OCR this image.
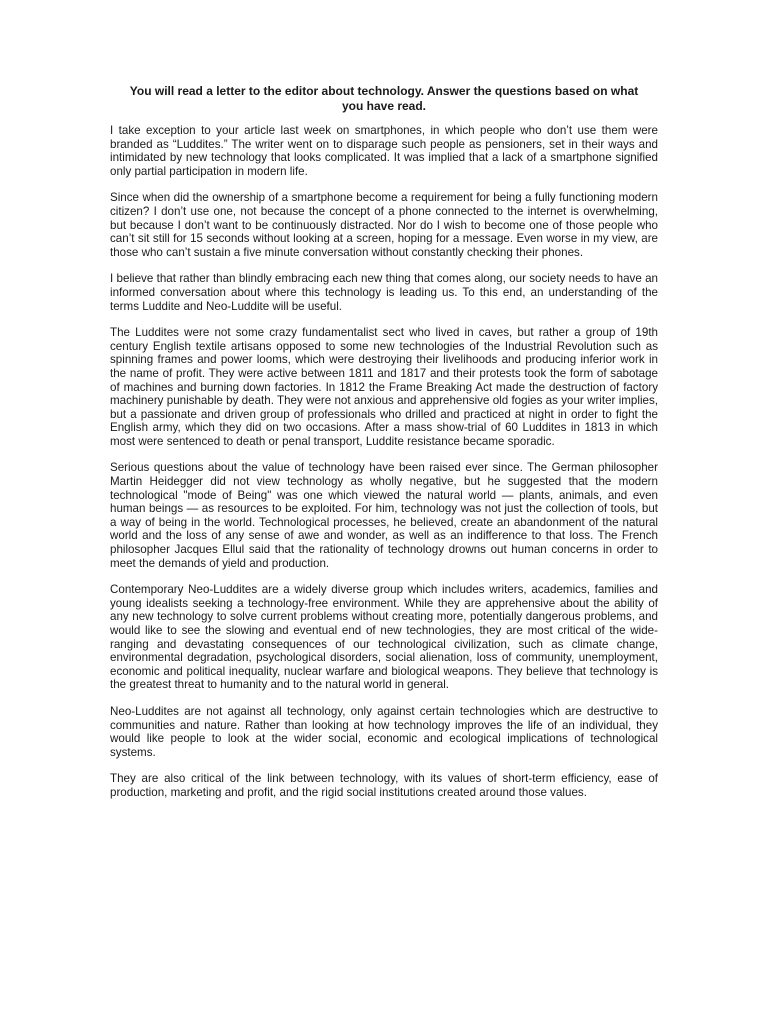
You will read a letter to the editor about technology. Answer the questions based on what you have read.

I take exception to your article last week on smartphones, in which people who don’t use them were branded as “Luddites.” The writer went on to disparage such people as pensioners, set in their ways and intimidated by new technology that looks complicated. It was implied that a lack of a smartphone signified only partial participation in modern life.

Since when did the ownership of a smartphone become a requirement for being a fully functioning modern citizen? I don’t use one, not because the concept of a phone connected to the internet is overwhelming, but because I don’t want to be continuously distracted. Nor do I wish to become one of those people who can’t sit still for 15 seconds without looking at a screen, hoping for a message. Even worse in my view, are those who can’t sustain a five minute conversation without constantly checking their phones.

I believe that rather than blindly embracing each new thing that comes along, our society needs to have an informed conversation about where this technology is leading us. To this end, an understanding of the terms Luddite and Neo-Luddite will be useful.

The Luddites were not some crazy fundamentalist sect who lived in caves, but rather a group of 19th century English textile artisans opposed to some new technologies of the Industrial Revolution such as spinning frames and power looms, which were destroying their livelihoods and producing inferior work in the name of profit. They were active between 1811 and 1817 and their protests took the form of sabotage of machines and burning down factories. In 1812 the Frame Breaking Act made the destruction of factory machinery punishable by death. They were not anxious and apprehensive old fogies as your writer implies, but a passionate and driven group of professionals who drilled and practiced at night in order to fight the English army, which they did on two occasions. After a mass show-trial of 60 Luddites in 1813 in which most were sentenced to death or penal transport, Luddite resistance became sporadic.

Serious questions about the value of technology have been raised ever since. The German philosopher Martin Heidegger did not view technology as wholly negative, but he suggested that the modern technological "mode of Being" was one which viewed the natural world — plants, animals, and even human beings — as resources to be exploited. For him, technology was not just the collection of tools, but a way of being in the world. Technological processes, he believed, create an abandonment of the natural world and the loss of any sense of awe and wonder, as well as an indifference to that loss. The French philosopher Jacques Ellul said that the rationality of technology drowns out human concerns in order to meet the demands of yield and production.

Contemporary Neo-Luddites are a widely diverse group which includes writers, academics, families and young idealists seeking a technology-free environment. While they are apprehensive about the ability of any new technology to solve current problems without creating more, potentially dangerous problems, and would like to see the slowing and eventual end of new technologies, they are most critical of the wide-ranging and devastating consequences of our technological civilization, such as climate change, environmental degradation, psychological disorders, social alienation, loss of community, unemployment, economic and political inequality, nuclear warfare and biological weapons. They believe that technology is the greatest threat to humanity and to the natural world in general.

Neo-Luddites are not against all technology, only against certain technologies which are destructive to communities and nature. Rather than looking at how technology improves the life of an individual, they would like people to look at the wider social, economic and ecological implications of technological systems.

They are also critical of the link between technology, with its values of short-term efficiency, ease of production, marketing and profit, and the rigid social institutions created around those values.
